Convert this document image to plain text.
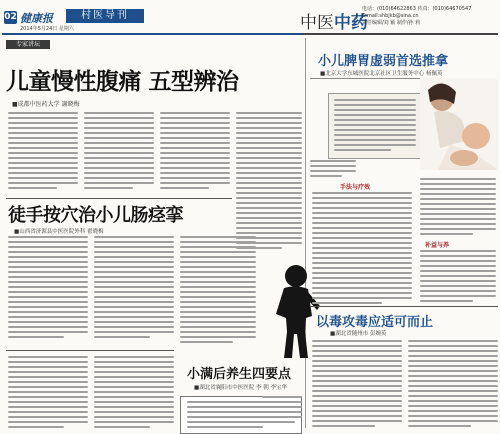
02 健康报	村医导刊
2014年5月24日 星期六	中医中药
电话：(010)64622863 传真：(010)64670547
E-mail:shbjkb@sina.cn
责任编辑/刘 颖 制作/孙 莉
专家讲坛
儿童慢性腹痛 五型辨治
■成都中医药大学 謝晓梅
徒手按穴治小儿肠痉挛
■山西省济源县中医医院外科 翟晓梅
小满后养生四要点
■湖北省襄阳市中医医院 李 朝 李宝华
小儿脾胃虚弱首选推拿
■北京大学东城医院北京社区卫生服务中心 杨佩英
手法与疗效
补益与养
以毒攻毒应适可而止
■湖北省随州市 彭婉英
